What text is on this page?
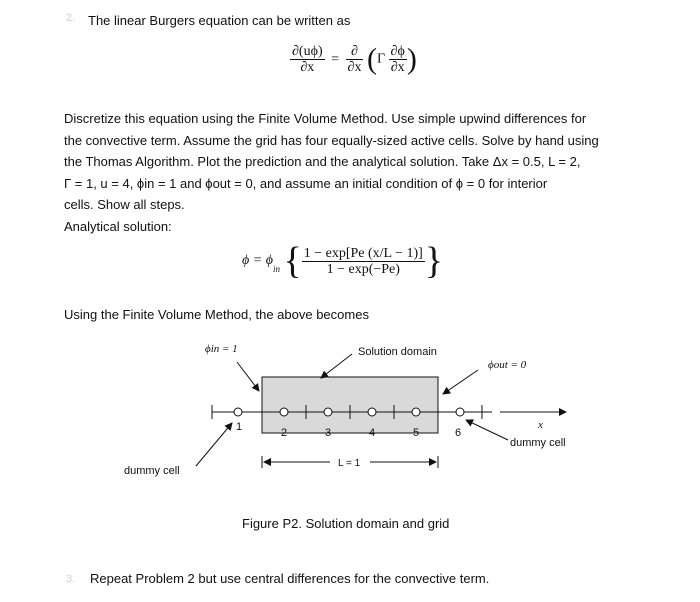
2. The linear Burgers equation can be written as
$\frac{\partial(u\phi)}{\partial x} = \frac{\partial}{\partial x} (\Gamma \frac{\partial\phi}{\partial x}$ )
Discretize this equation using the Finite Volume Method. Use simple upwind differences for
the convective term. Assume the grid has four equally-sized active cells. Solve by hand using
the Thomas Algorithm. Plot the prediction and the analytical solution. Take Δx = 0.5, L = 2,
Γ = 1, u = 4, ϕin = 1 and ϕout = 0, and assume an initial condition of ϕ = 0 for interior
cells. Show all steps.
Analytical solution:
$\phi = \phi_{in}$ { $\frac{1 - \exp[Pe (x/L - 1)]}{1 - \exp(-Pe)}$ }
Using the Finite Volume Method, the above becomes
1	2	3	4	5	6
ϕin = 1	Solution domain
ϕout = 0
dummy cell
dummy cell
x
L = 1
Figure P2. Solution domain and grid
3. Repeat Problem 2 but use central differences for the convective term.
